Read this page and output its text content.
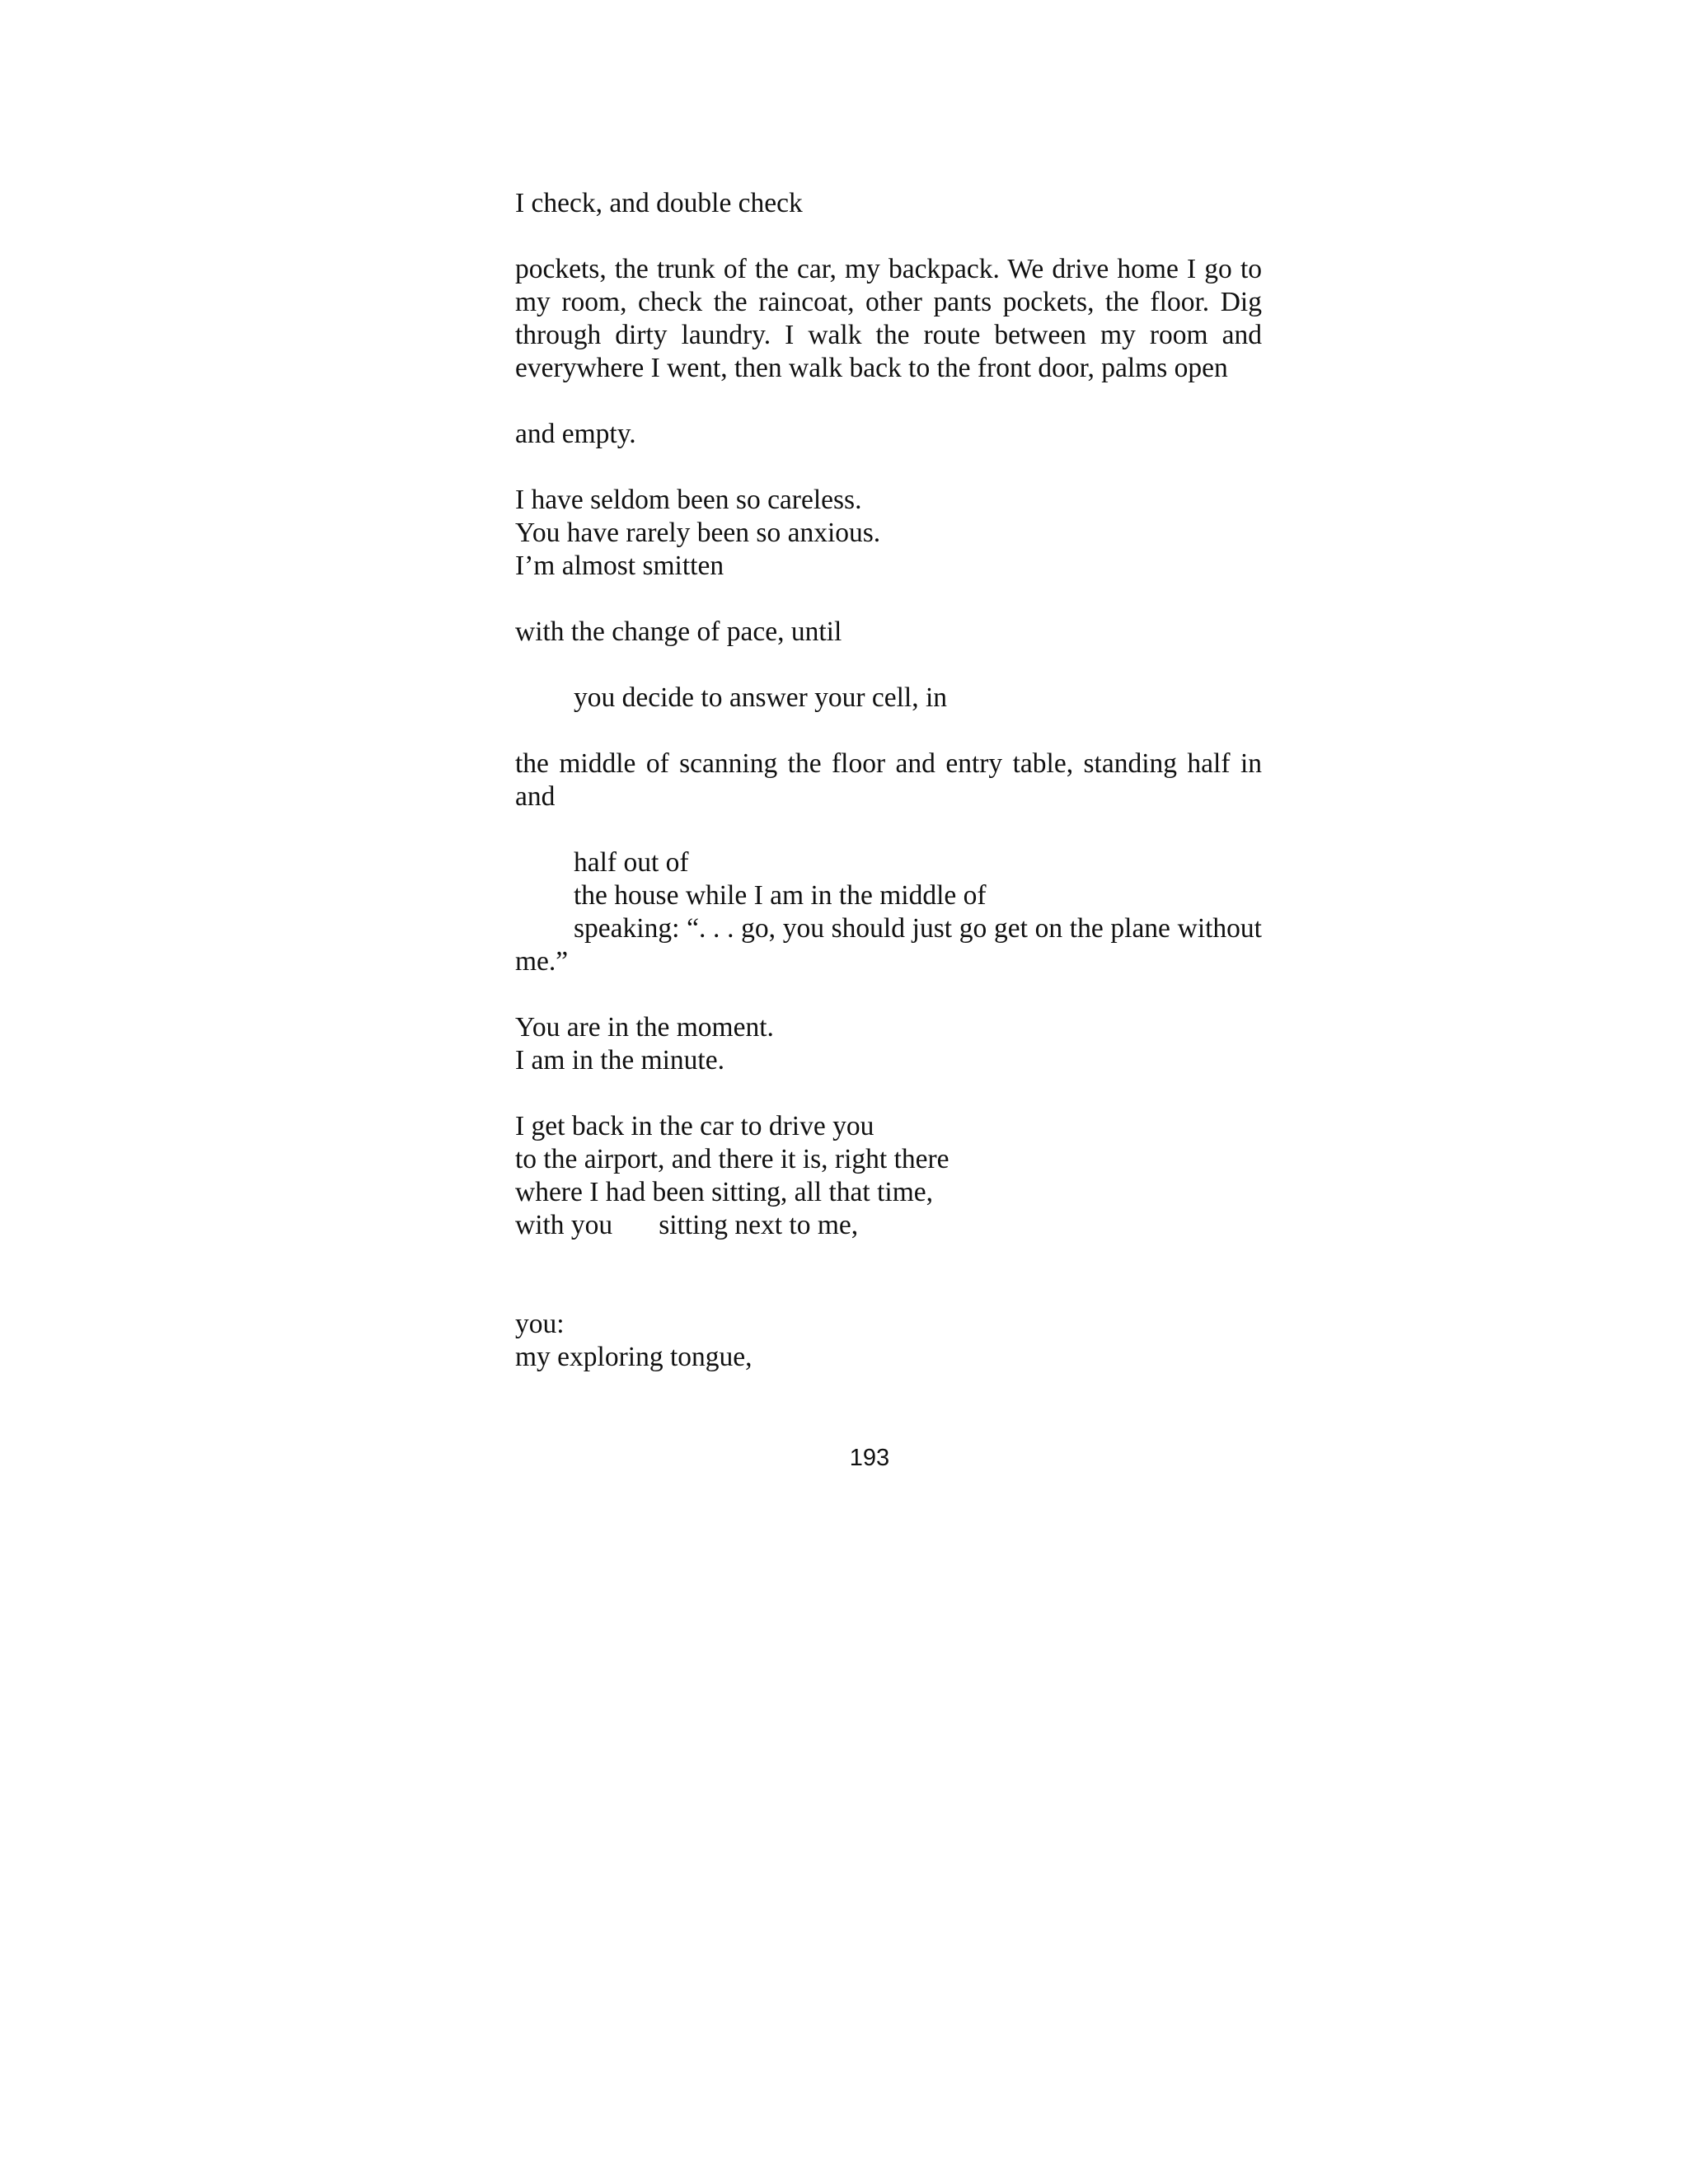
I check, and double check
pockets, the trunk of the car, my backpack. We drive home I go to my room, check the raincoat, other pants pockets, the floor. Dig through dirty laundry. I walk the route between my room and everywhere I went, then walk back to the front door, palms open
and empty.
I have seldom been so careless.
You have rarely been so anxious.
I’m almost smitten
with the change of pace, until
you decide to answer your cell, in
the middle of scanning the floor and entry table, standing half in and
half out of
the house while I am in the middle of
speaking: “. . . go, you should just go get on the plane without me.”
You are in the moment.
I am in the minute.
I get back in the car to drive you
to the airport, and there it is, right there
where I had been sitting, all that time,
with you sitting next to me,
you:
my exploring tongue,
193
